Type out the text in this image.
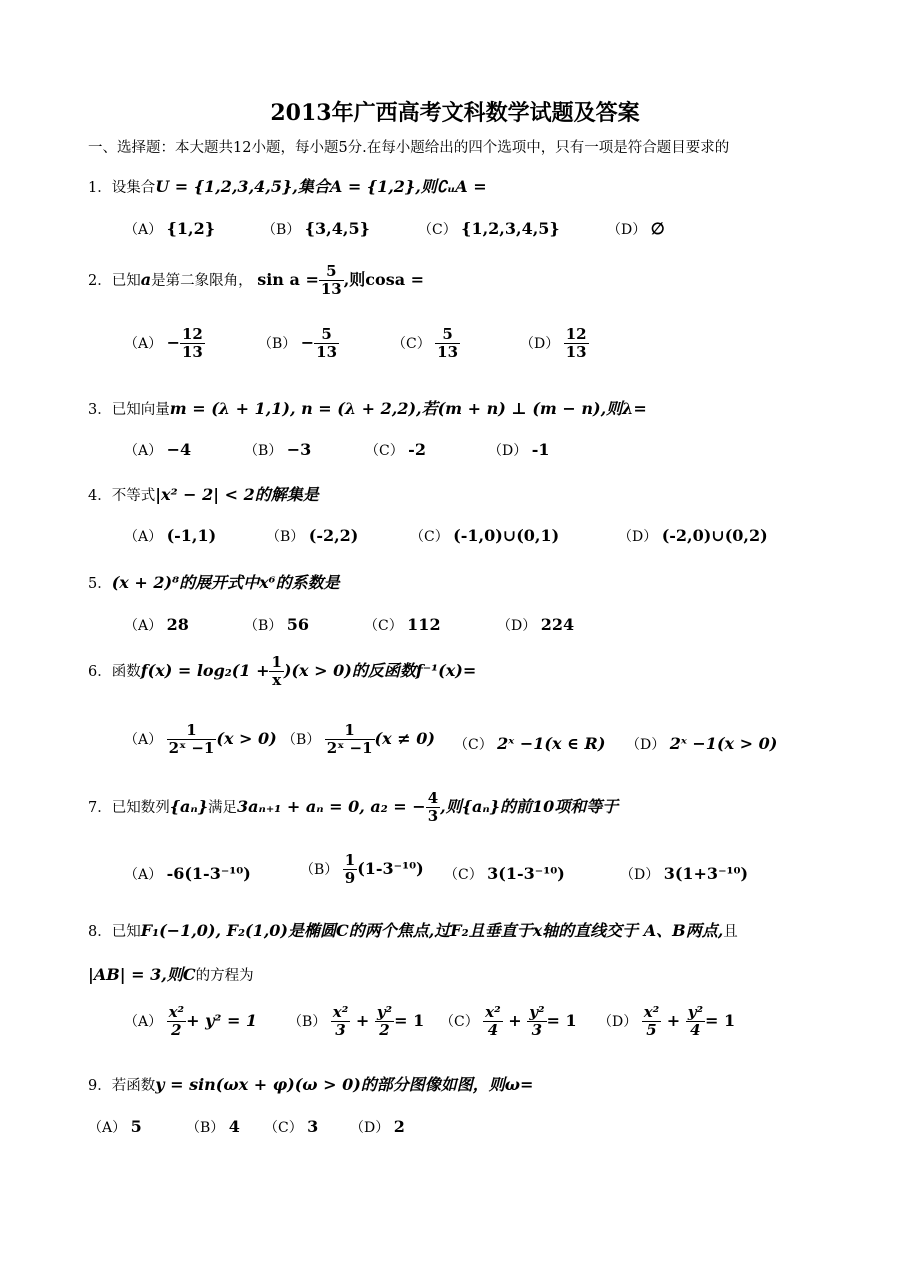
2013年广西高考文科数学试题及答案
一、选择题：本大题共12小题，每小题5分.在每小题给出的四个选项中，只有一项是符合题目要求的
1．设集合U = {1,2,3,4,5},集合A = {1,2},则∁ᵤA =
（A） {1,2}	（B） {3,4,5}	（C） {1,2,3,4,5}	（D） ∅
2．已知a是第二象限角， $\sin a = \frac{5}{13}$ ,则cosa =
$(A) - \frac{12}{13}$	$(B) - \frac{5}{13}$	$(C) \frac{5}{13}$	$(D) \frac{12}{13}$
3．已知向量m = (λ + 1,1), n = (λ + 2,2),若(m + n) ⊥ (m − n),则λ=
（A） −4	（B） −3	（C） -2	（D） -1
4．不等式|x² − 2| < 2的解集是
（A） (-1,1)	（B） (-2,2)	（C） (-1,0)∪(0,1)	（D） (-2,0)∪(0,2)
5．(x + 2)⁸的展开式中x⁶的系数是
（A） 28	（B） 56	（C） 112	（D） 224
6．函数$f(x) = \log_2(1 + \frac{1}{x} )(x > 0)$的反函数f⁻¹(x)=
$(A) \frac{1}{\text{2ˣ −1}} (x > 0)$ $(B) \frac{1}{\text{2ˣ −1}} (x \ne 0)$ （C） 2ˣ −1(x ∈ R) （D） 2ˣ −1(x > 0)
7．已知数列{aₙ}满足3aₙ₊₁ + aₙ = 0, a₂ = − $\frac{4}{3}$ ,则{aₙ}的前10项和等于
（A） -6(1-3⁻¹⁰)	$(B) \frac{1}{9} (1-3^{-10})$ （C） 3(1-3⁻¹⁰)	（D） 3(1+3⁻¹⁰)
8．已知F₁(−1,0), F₂(1,0)是椭圆C的两个焦点,过F₂且垂直于x轴的直线交于 A、B两点,且
|AB| = 3,则C的方程为
$(A) \frac{\text{x²}}{2} + y^2 = 1$ $(B) \frac{\text{x²}}{3} + \frac{\text{y²}}{2} = 1$ $(C) \frac{\text{x²}}{4} + \frac{\text{y²}}{3} = 1$ $(D) \frac{\text{x²}}{5} + \frac{\text{y²}}{4} = 1$
9．若函数y = sin(ωx + φ)(ω > 0)的部分图像如图，则ω=
（A） 5	（B） 4 （C） 3 （D） 2
